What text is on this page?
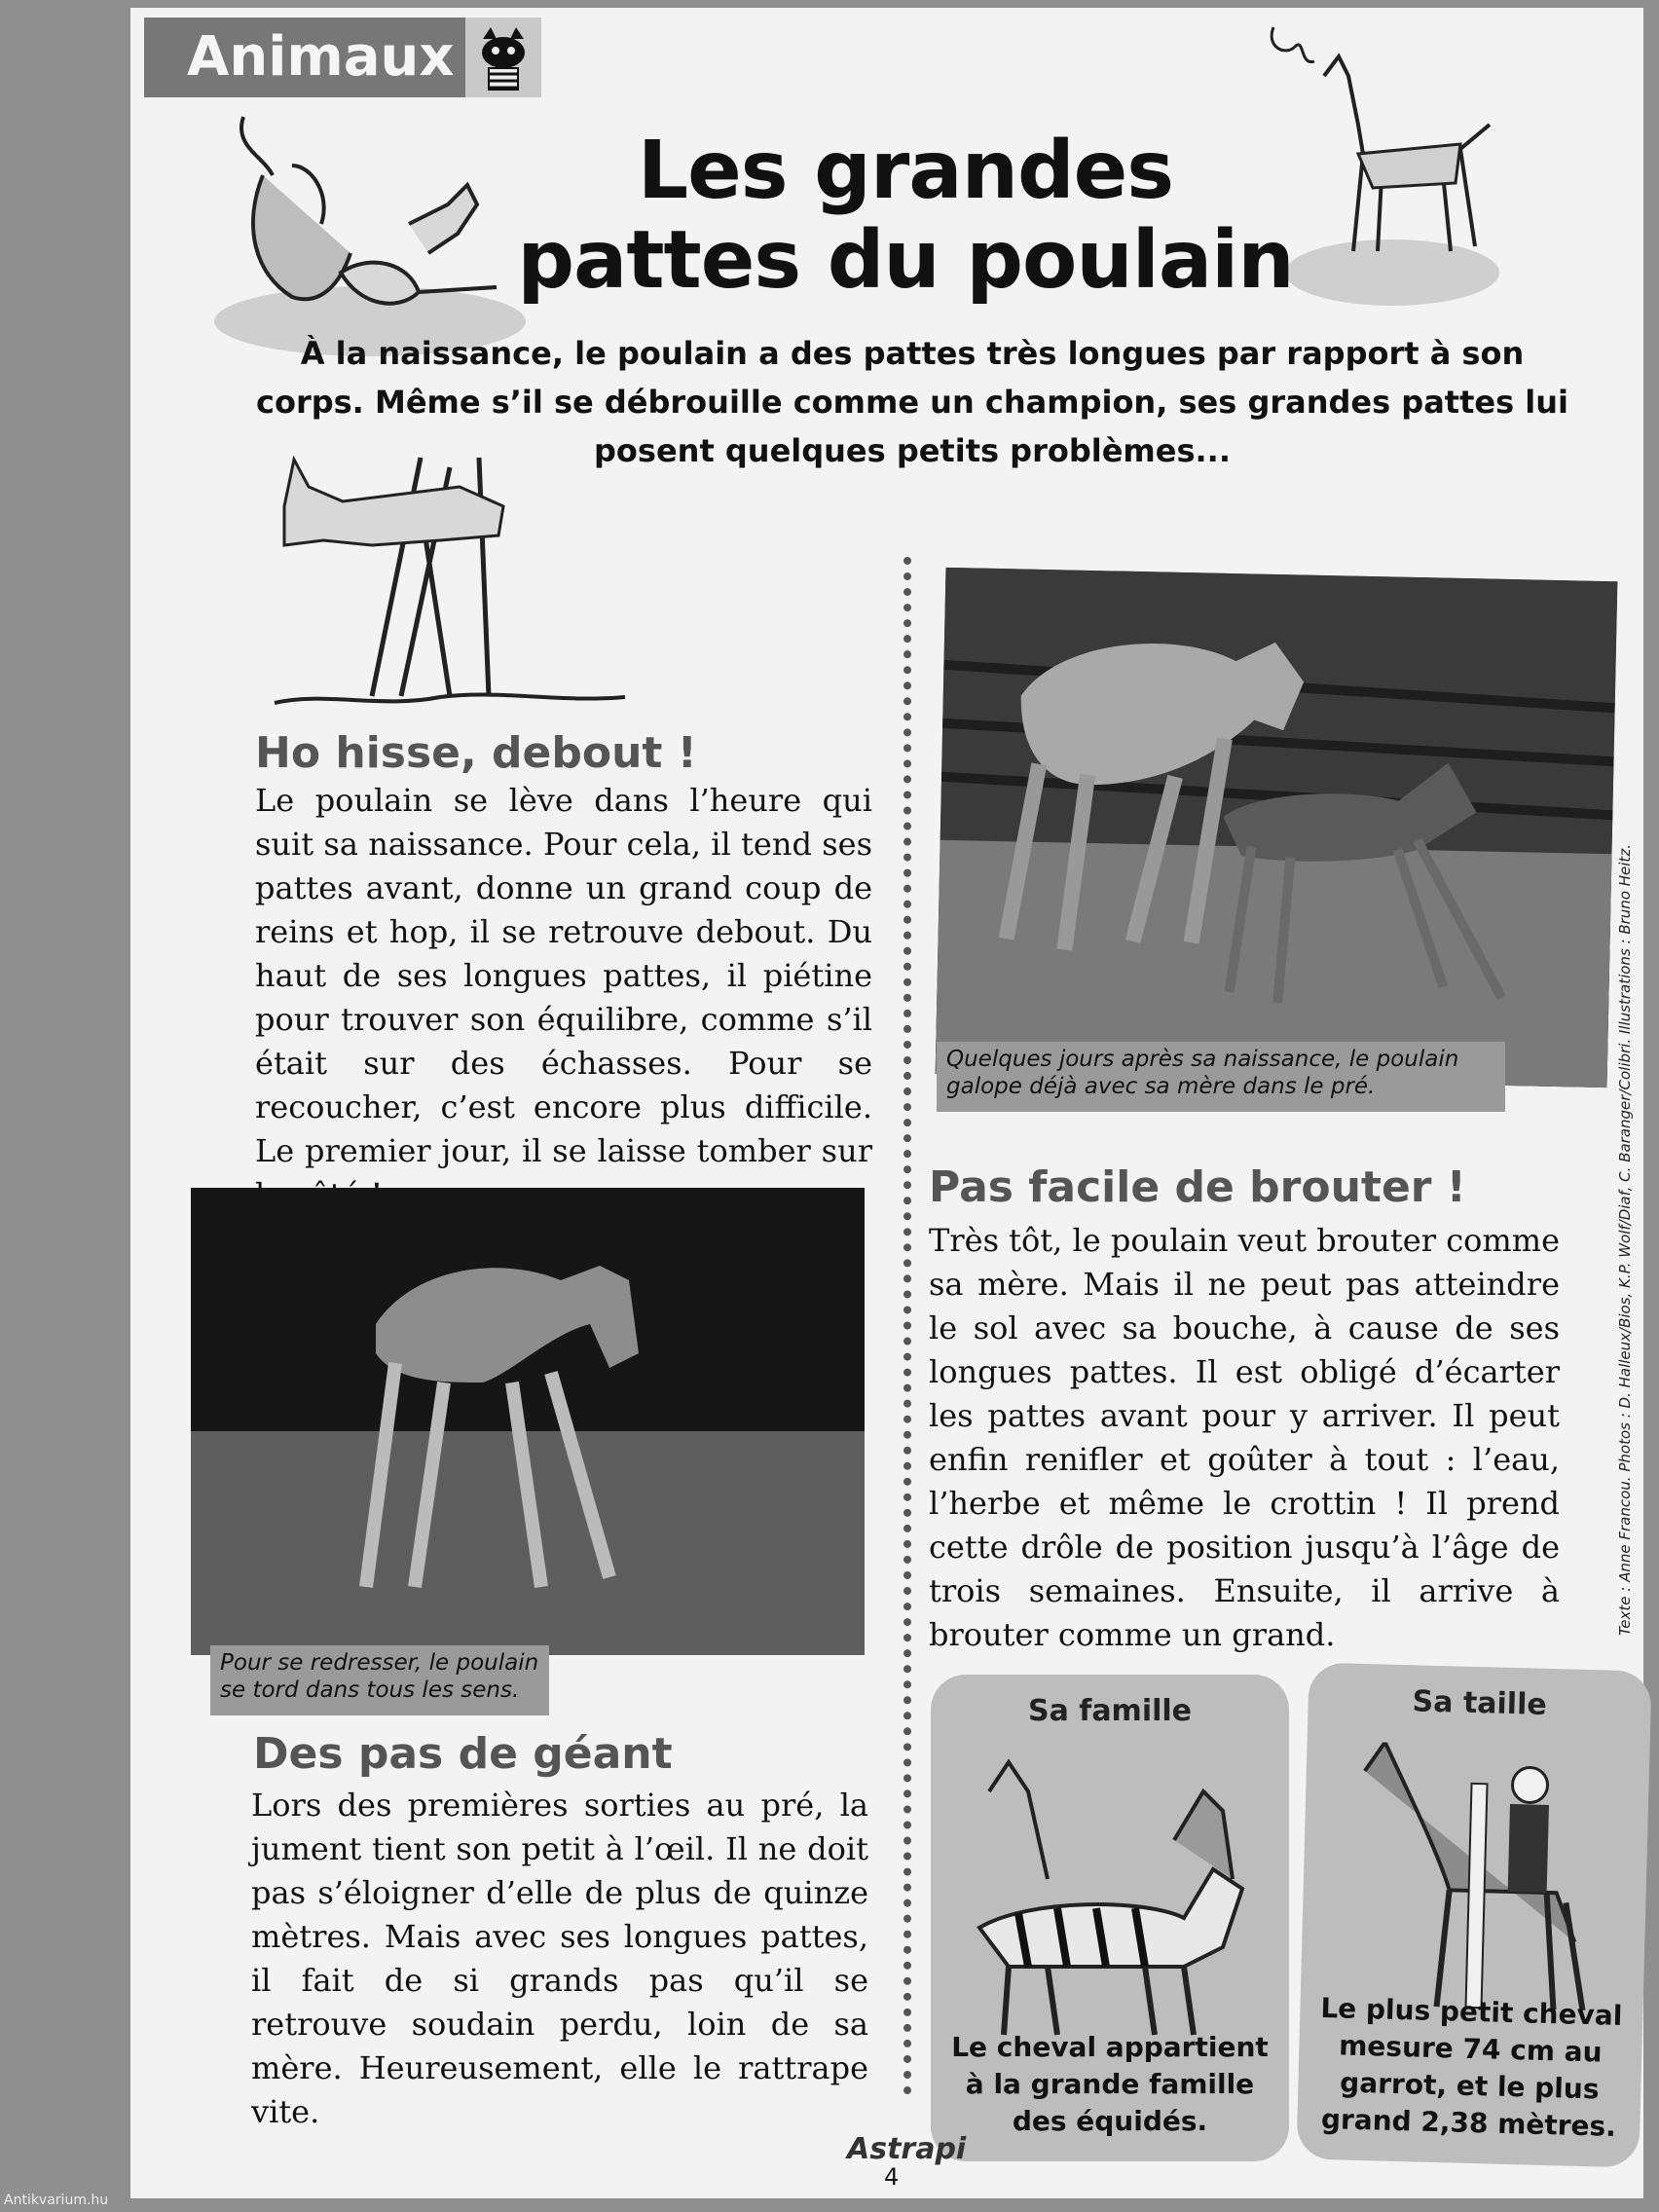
Animaux
Les grandes pattes du poulain
À la naissance, le poulain a des pattes très longues par rapport à son corps. Même s’il se débrouille comme un champion, ses grandes pattes lui posent quelques petits problèmes...
Ho hisse, debout !
Le poulain se lève dans l’heure qui suit sa naissance. Pour cela, il tend ses pattes avant, donne un grand coup de reins et hop, il se retrouve debout. Du haut de ses longues pattes, il piétine pour trouver son équilibre, comme s’il était sur des échasses. Pour se recoucher, c’est encore plus difficile. Le premier jour, il se laisse tomber sur
Pour se redresser, le poulain se tord dans tous les sens.
Des pas de géant
Lors des premières sorties au pré, la jument tient son petit à l’œil. Il ne doit pas s’éloigner d’elle de plus de quinze mètres. Mais avec ses longues pattes, il fait de si grands pas qu’il se retrouve soudain perdu, loin de sa mère. Heureusement, elle le rattrape vite.
Quelques jours après sa naissance, le poulain galope déjà avec sa mère dans le pré.
Pas facile de brouter !
Très tôt, le poulain veut brouter comme sa mère. Mais il ne peut pas atteindre le sol avec sa bouche, à cause de ses longues pattes. Il est obligé d’écarter les pattes avant pour y arriver. Il peut enfin renifler et goûter à tout : l’eau, l’herbe et même le crottin ! Il prend cette drôle de position jusqu’à l’âge de trois semaines. Ensuite, il arrive à brouter comme un grand.
Sa famille
Le cheval appartient à la grande famille des équidés.
Sa taille
Le plus petit cheval mesure 74 cm au garrot, et le plus grand 2,38 mètres.
Texte : Anne Francou. Photos : D. Halleux/Bios, K.P. Wolf/Diaf, C. Baranger/Colibri. Illustrations : Bruno Heitz.
Astrapi
4
Antikvarium.hu
